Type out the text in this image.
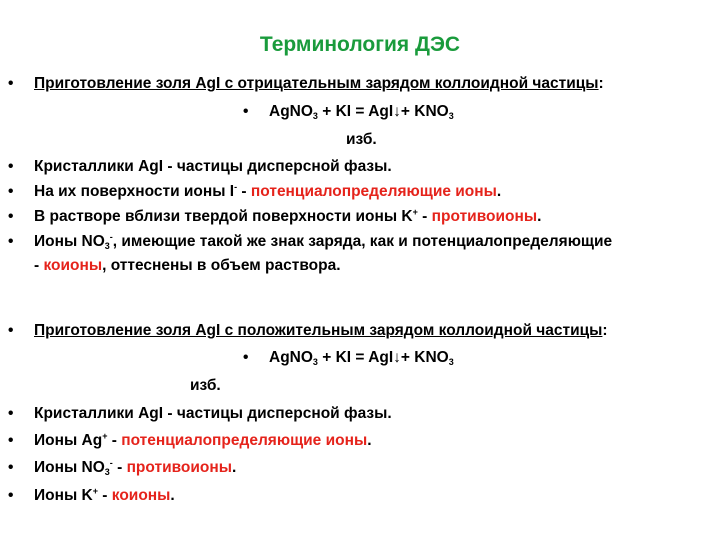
Терминология ДЭС
• Приготовление золя AgI с отрицательным зарядом коллоидной частицы:
• AgNO$_3$ + KI = AgI↓+ $KNO_3$
изб.
• Кристаллики AgI - частицы дисперсной фазы.
• На их поверхности ионы I- - потенциалопределяющие ионы.
• В растворе вблизи твердой поверхности ионы K+ - противоионы.
• Ионы $NO_3^-$, имеющие такой же знак заряда, как и потенциалопределяющие
- коионы, оттеснены в объем раствора.
• Приготовление золя AgI с положительным зарядом коллоидной частицы:
• AgNO$_3$ + KI = AgI↓+ $KNO_3$
изб.
• Кристаллики AgI - частицы дисперсной фазы.
• Ионы Ag+ - потенциалопределяющие ионы.
• Ионы $NO_3^-$ - противоионы.
• Ионы K+ - коионы.
